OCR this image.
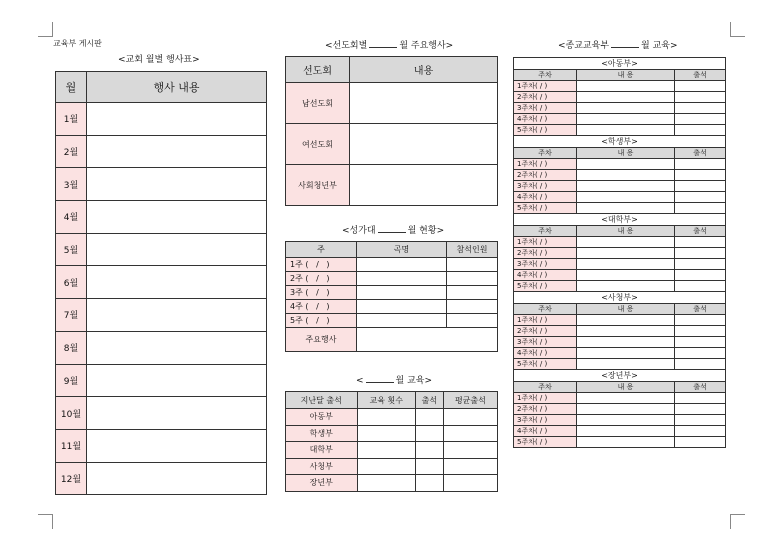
교육부 게시판
<교회 월별 행사표>
월	행사 내용
1월	
2월	
3월	
4월	
5월	
6월	
7월	
8월	
9월	
10월	
11월	
12월	
<선도회별	월 주요행사>
선도회	내용
남선도회	
여선도회	
사회청년부	
<성가대	월 현황>
주	곡명	참석인원
1주 (   /   )		
2주 (   /   )		
3주 (   /   )		
4주 (   /   )		
5주 (   /   )		
주요행사		
<	월 교육>
지난달 출석	교육 횟수	출석	평균출석
아동부			
학생부			
대학부			
사청부			
장년부			
<종교교육부	월 교육>
<아동부>		
주차	내 용	출석
1주차( / )		
2주차( / )		
3주차( / )		
4주차( / )		
5주차( / )		
<학생부>		
주차	내 용	출석
1주차( / )		
2주차( / )		
3주차( / )		
4주차( / )		
5주차( / )		
<대학부>		
주차	내 용	출석
1주차( / )		
2주차( / )		
3주차( / )		
4주차( / )		
5주차( / )		
<사청부>		
주차	내 용	출석
1주차( / )		
2주차( / )		
3주차( / )		
4주차( / )		
5주차( / )		
<장년부>		
주차	내 용	출석
1주차( / )		
2주차( / )		
3주차( / )		
4주차( / )		
5주차( / )		
